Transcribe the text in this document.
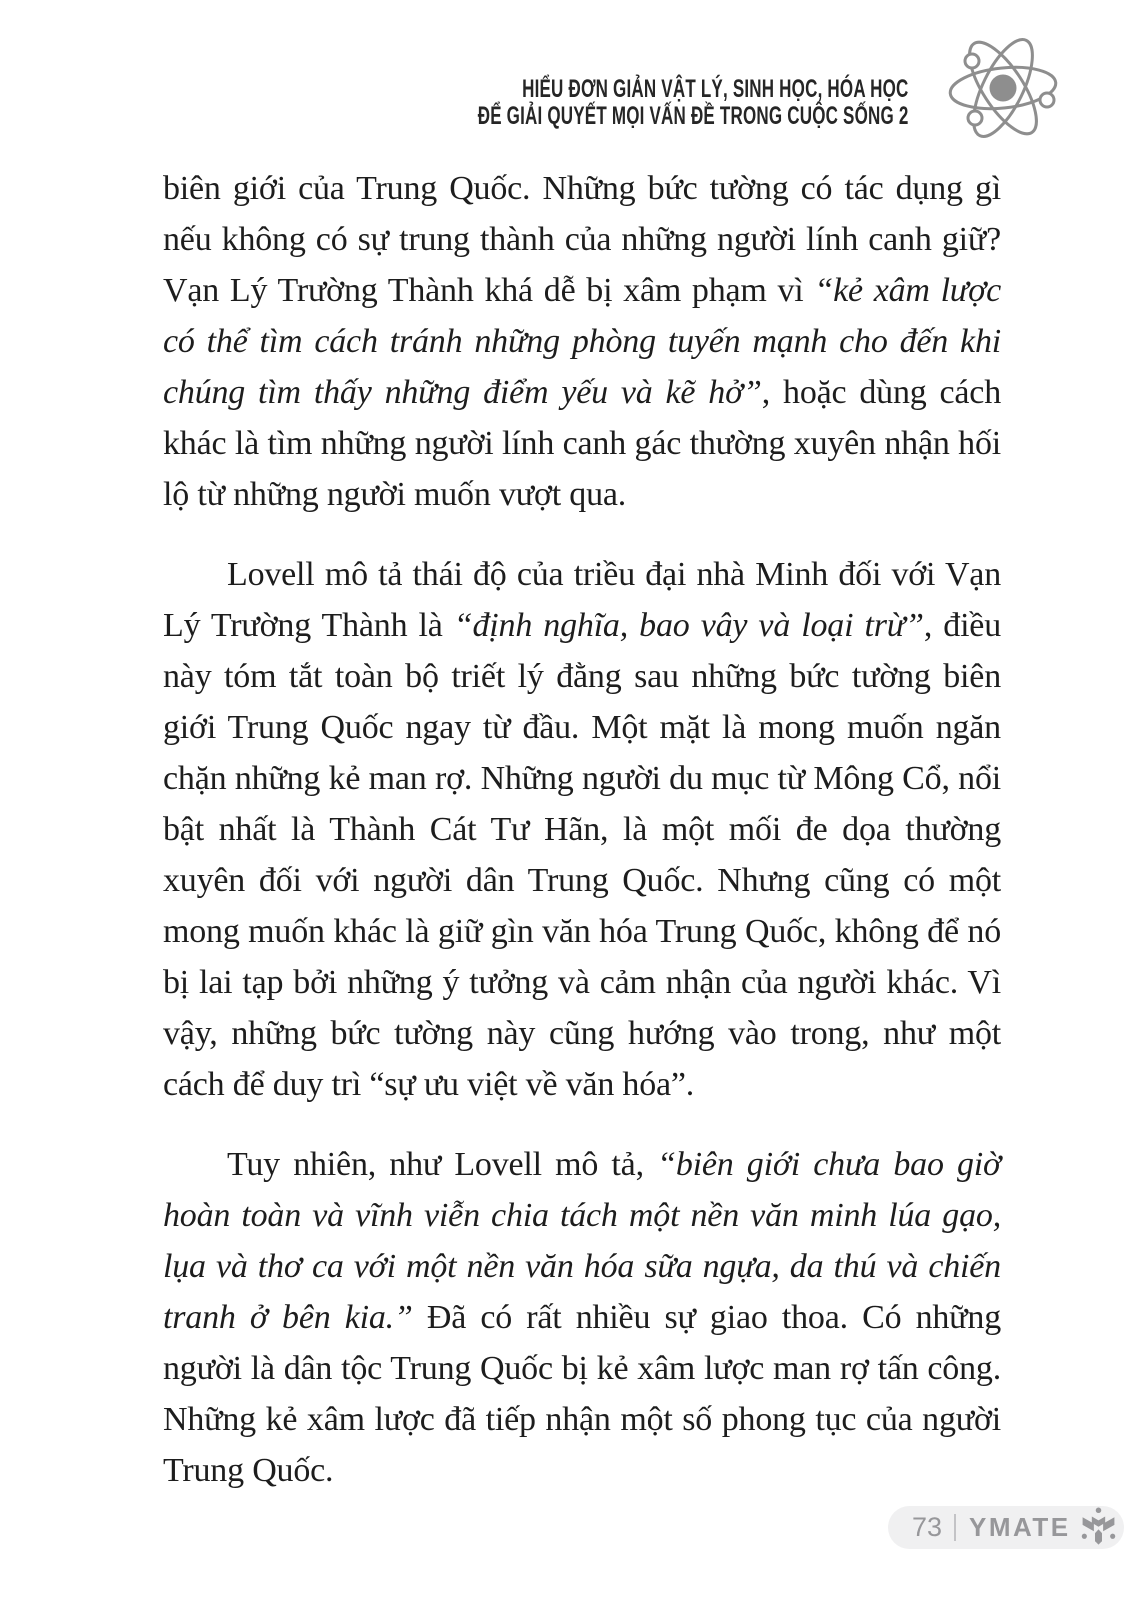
HIỂU ĐƠN GIẢN VẬT LÝ, SINH HỌC, HÓA HỌC
ĐỂ GIẢI QUYẾT MỌI VẤN ĐỀ TRONG CUỘC SỐNG 2

biên giới của Trung Quốc. Những bức tường có tác dụng gì nếu không có sự trung thành của những người lính canh giữ? Vạn Lý Trường Thành khá dễ bị xâm phạm vì “kẻ xâm lược có thể tìm cách tránh những phòng tuyến mạnh cho đến khi chúng tìm thấy những điểm yếu và kẽ hở”, hoặc dùng cách khác là tìm những người lính canh gác thường xuyên nhận hối lộ từ những người muốn vượt qua.

Lovell mô tả thái độ của triều đại nhà Minh đối với Vạn Lý Trường Thành là “định nghĩa, bao vây và loại trừ”, điều này tóm tắt toàn bộ triết lý đằng sau những bức tường biên giới Trung Quốc ngay từ đầu. Một mặt là mong muốn ngăn chặn những kẻ man rợ. Những người du mục từ Mông Cổ, nổi bật nhất là Thành Cát Tư Hãn, là một mối đe dọa thường xuyên đối với người dân Trung Quốc. Nhưng cũng có một mong muốn khác là giữ gìn văn hóa Trung Quốc, không để nó bị lai tạp bởi những ý tưởng và cảm nhận của người khác. Vì vậy, những bức tường này cũng hướng vào trong, như một cách để duy trì “sự ưu việt về văn hóa”.

Tuy nhiên, như Lovell mô tả, “biên giới chưa bao giờ hoàn toàn và vĩnh viễn chia tách một nền văn minh lúa gạo, lụa và thơ ca với một nền văn hóa sữa ngựa, da thú và chiến tranh ở bên kia.” Đã có rất nhiều sự giao thoa. Có những người là dân tộc Trung Quốc bị kẻ xâm lược man rợ tấn công. Những kẻ xâm lược đã tiếp nhận một số phong tục của người Trung Quốc.

73 YMATE
